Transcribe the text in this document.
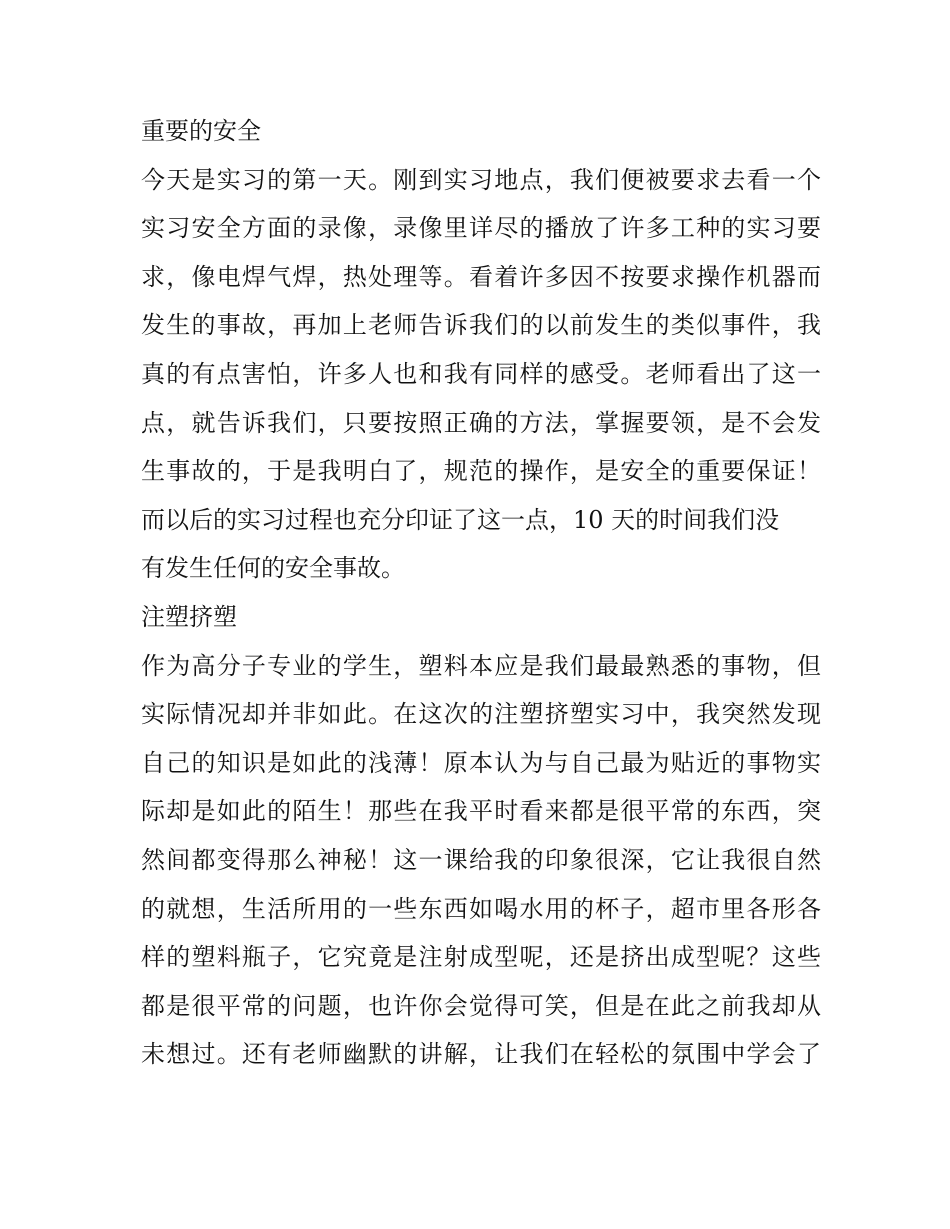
重要的安全
今天是实习的第一天。刚到实习地点，我们便被要求去看一个
实习安全方面的录像，录像里详尽的播放了许多工种的实习要
求，像电焊气焊，热处理等。看着许多因不按要求操作机器而
发生的事故，再加上老师告诉我们的以前发生的类似事件，我
真的有点害怕，许多人也和我有同样的感受。老师看出了这一
点，就告诉我们，只要按照正确的方法，掌握要领，是不会发
生事故的，于是我明白了，规范的操作，是安全的重要保证！
而以后的实习过程也充分印证了这一点，10 天的时间我们没
有发生任何的安全事故。
注塑挤塑
作为高分子专业的学生，塑料本应是我们最最熟悉的事物，但
实际情况却并非如此。在这次的注塑挤塑实习中，我突然发现
自己的知识是如此的浅薄！原本认为与自己最为贴近的事物实
际却是如此的陌生！那些在我平时看来都是很平常的东西，突
然间都变得那么神秘！这一课给我的印象很深，它让我很自然
的就想，生活所用的一些东西如喝水用的杯子，超市里各形各
样的塑料瓶子，它究竟是注射成型呢，还是挤出成型呢？这些
都是很平常的问题，也许你会觉得可笑，但是在此之前我却从
未想过。还有老师幽默的讲解，让我们在轻松的氛围中学会了
